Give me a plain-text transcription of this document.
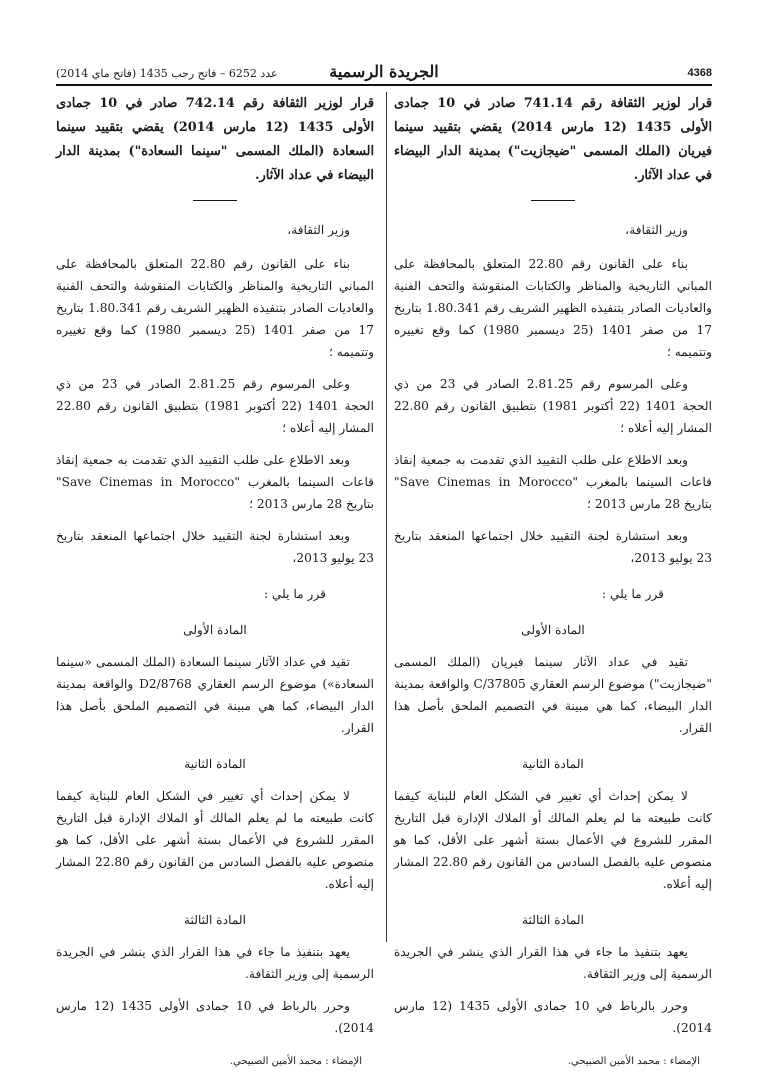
4368
الجريدة الرسمية
عدد 6252 – فاتح رجب 1435 (فاتح ماي 2014)
قرار لوزير الثقافة رقم 741.14 صادر في 10 جمادى الأولى 1435 (12 مارس 2014) يقضي بتقييد سينما فيريان (الملك المسمى "ضيجازيت") بمدينة الدار البيضاء في عداد الآثار.
وزير الثقافة،

بناء على القانون رقم 22.80 المتعلق بالمحافظة على المباني التاريخية والمناظر والكتابات المنقوشة والتحف الفنية والعاديات الصادر بتنفيذه الظهير الشريف رقم 1.80.341 بتاريخ 17 من صفر 1401 (25 ديسمبر 1980) كما وقع تغييره وتتميمه ؛

وعلى المرسوم رقم 2.81.25 الصادر في 23 من ذي الحجة 1401 (22 أكتوبر 1981) بتطبيق القانون رقم 22.80 المشار إليه أعلاه ؛

وبعد الاطلاع على طلب التقييد الذي تقدمت به جمعية إنقاذ قاعات السينما بالمغرب "Save Cinemas in Morocco" بتاريخ 28 مارس 2013 ؛

وبعد استشارة لجنة التقييد خلال اجتماعها المنعقد بتاريخ 23 يوليو 2013،

قرر ما يلي :
المادة الأولى

تقيد في عداد الآثار سينما فيريان (الملك المسمى "ضيجازيت") موضوع الرسم العقاري C/37805 والواقعة بمدينة الدار البيضاء، كما هي مبينة في التصميم الملحق بأصل هذا القرار.

المادة الثانية

لا يمكن إحداث أي تغيير في الشكل العام للبناية كيفما كانت طبيعته ما لم يعلم المالك أو الملاك الإدارة قبل التاريخ المقرر للشروع في الأعمال بستة أشهر على الأقل، كما هو منصوص عليه بالفصل السادس من القانون رقم 22.80 المشار إليه أعلاه.

المادة الثالثة

يعهد بتنفيذ ما جاء في هذا القرار الذي ينشر في الجريدة الرسمية إلى وزير الثقافة.

وحرر بالرباط في 10 جمادى الأولى 1435 (12 مارس 2014).

الإمضاء : محمد الأمين الصبيحي.
قرار لوزير الثقافة رقم 742.14 صادر في 10 جمادى الأولى 1435 (12 مارس 2014) يقضي بتقييد سينما السعادة (الملك المسمى "سينما السعادة") بمدينة الدار البيضاء في عداد الآثار.
وزير الثقافة،

بناء على القانون رقم 22.80 المتعلق بالمحافظة على المباني التاريخية والمناظر والكتابات المنقوشة والتحف الفنية والعاديات الصادر بتنفيذه الظهير الشريف رقم 1.80.341 بتاريخ 17 من صفر 1401 (25 ديسمبر 1980) كما وقع تغييره وتتميمه ؛

وعلى المرسوم رقم 2.81.25 الصادر في 23 من ذي الحجة 1401 (22 أكتوبر 1981) بتطبيق القانون رقم 22.80 المشار إليه أعلاه ؛

وبعد الاطلاع على طلب التقييد الذي تقدمت به جمعية إنقاذ قاعات السينما بالمغرب "Save Cinemas in Morocco" بتاريخ 28 مارس 2013 ؛

وبعد استشارة لجنة التقييد خلال اجتماعها المنعقد بتاريخ 23 يوليو 2013،

قرر ما يلي :
المادة الأولى

تقيد في عداد الآثار سينما السعادة (الملك المسمى «سينما السعادة») موضوع الرسم العقاري D2/8768 والواقعة بمدينة الدار البيضاء، كما هي مبينة في التصميم الملحق بأصل هذا القرار.

المادة الثانية

لا يمكن إحداث أي تغيير في الشكل العام للبناية كيفما كانت طبيعته ما لم يعلم المالك أو الملاك الإدارة قبل التاريخ المقرر للشروع في الأعمال بستة أشهر على الأقل، كما هو منصوص عليه بالفصل السادس من القانون رقم 22.80 المشار إليه أعلاه.

المادة الثالثة

يعهد بتنفيذ ما جاء في هذا القرار الذي ينشر في الجريدة الرسمية إلى وزير الثقافة.

وحرر بالرباط في 10 جمادى الأولى 1435 (12 مارس 2014).

الإمضاء : محمد الأمين الصبيحي.
